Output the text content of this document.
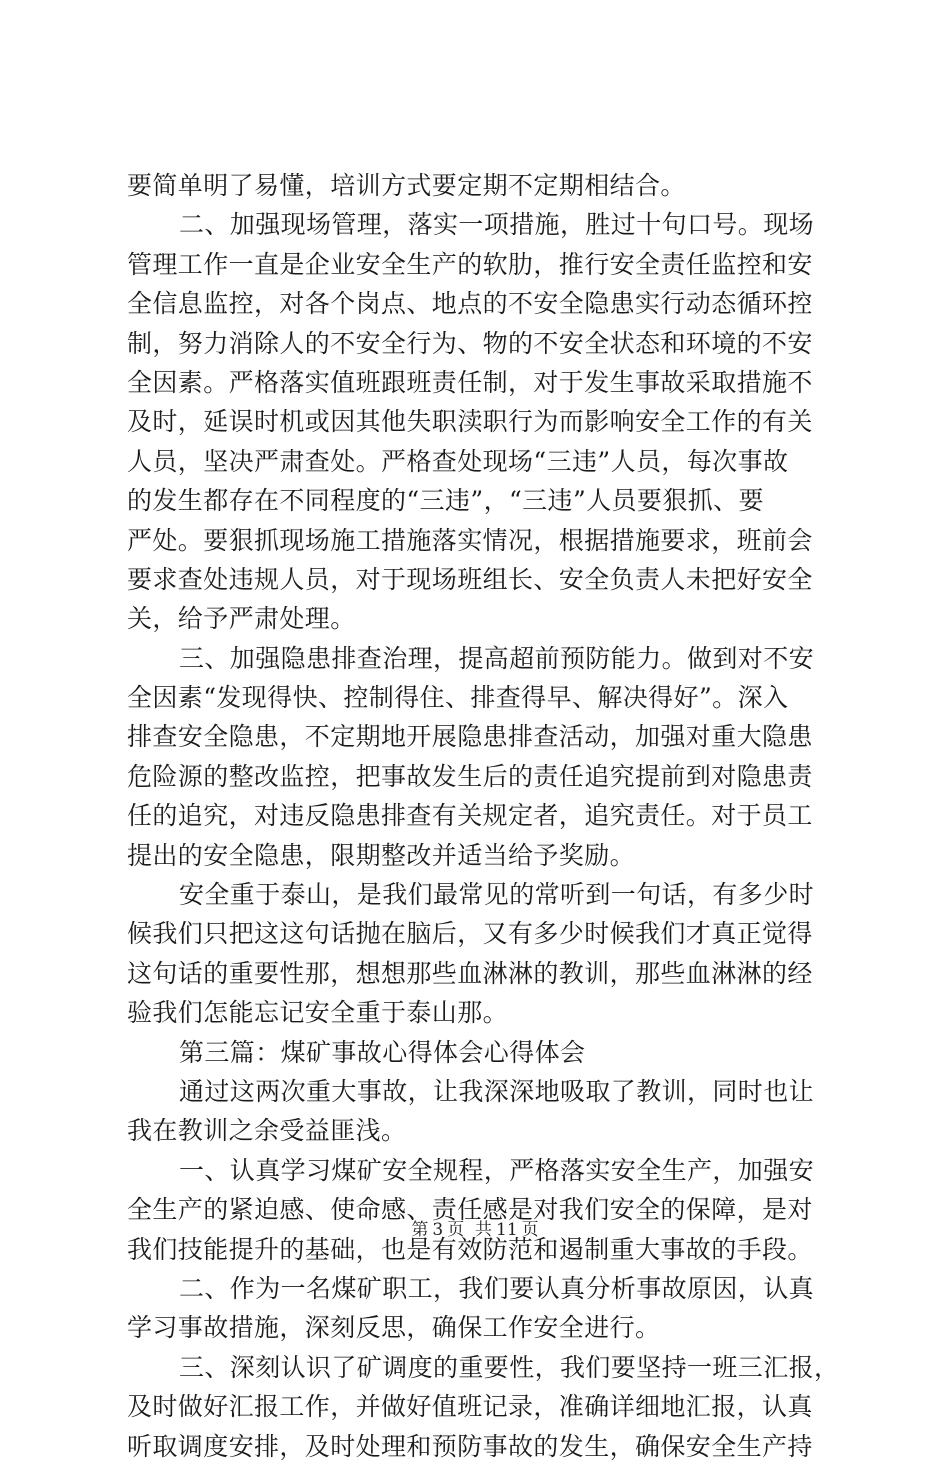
要简单明了易懂，培训方式要定期不定期相结合。
二、加强现场管理，落实一项措施，胜过十句口号。现场
管理工作一直是企业安全生产的软肋，推行安全责任监控和安
全信息监控，对各个岗点、地点的不安全隐患实行动态循环控
制，努力消除人的不安全行为、物的不安全状态和环境的不安
全因素。严格落实值班跟班责任制，对于发生事故采取措施不
及时，延误时机或因其他失职渎职行为而影响安全工作的有关
人员，坚决严肃查处。严格查处现场“三违”人员，每次事故
的发生都存在不同程度的“三违”，“三违”人员要狠抓、要
严处。要狠抓现场施工措施落实情况，根据措施要求，班前会
要求查处违规人员，对于现场班组长、安全负责人未把好安全
关，给予严肃处理。
三、加强隐患排查治理，提高超前预防能力。做到对不安
全因素“发现得快、控制得住、排查得早、解决得好”。深入
排查安全隐患，不定期地开展隐患排查活动，加强对重大隐患
危险源的整改监控，把事故发生后的责任追究提前到对隐患责
任的追究，对违反隐患排查有关规定者，追究责任。对于员工
提出的安全隐患，限期整改并适当给予奖励。
安全重于泰山，是我们最常见的常听到一句话，有多少时
候我们只把这这句话抛在脑后，又有多少时候我们才真正觉得
这句话的重要性那，想想那些血淋淋的教训，那些血淋淋的经
验我们怎能忘记安全重于泰山那。
第三篇：煤矿事故心得体会心得体会
通过这两次重大事故，让我深深地吸取了教训，同时也让
我在教训之余受益匪浅。
一、认真学习煤矿安全规程，严格落实安全生产，加强安
全生产的紧迫感、使命感、责任感是对我们安全的保障，是对
我们技能提升的基础，也是有效防范和遏制重大事故的手段。
二、作为一名煤矿职工，我们要认真分析事故原因，认真
学习事故措施，深刻反思，确保工作安全进行。
三、深刻认识了矿调度的重要性，我们要坚持一班三汇报，
及时做好汇报工作，并做好值班记录，准确详细地汇报，认真
听取调度安排，及时处理和预防事故的发生，确保安全生产持
第 3 页  共 11 页
